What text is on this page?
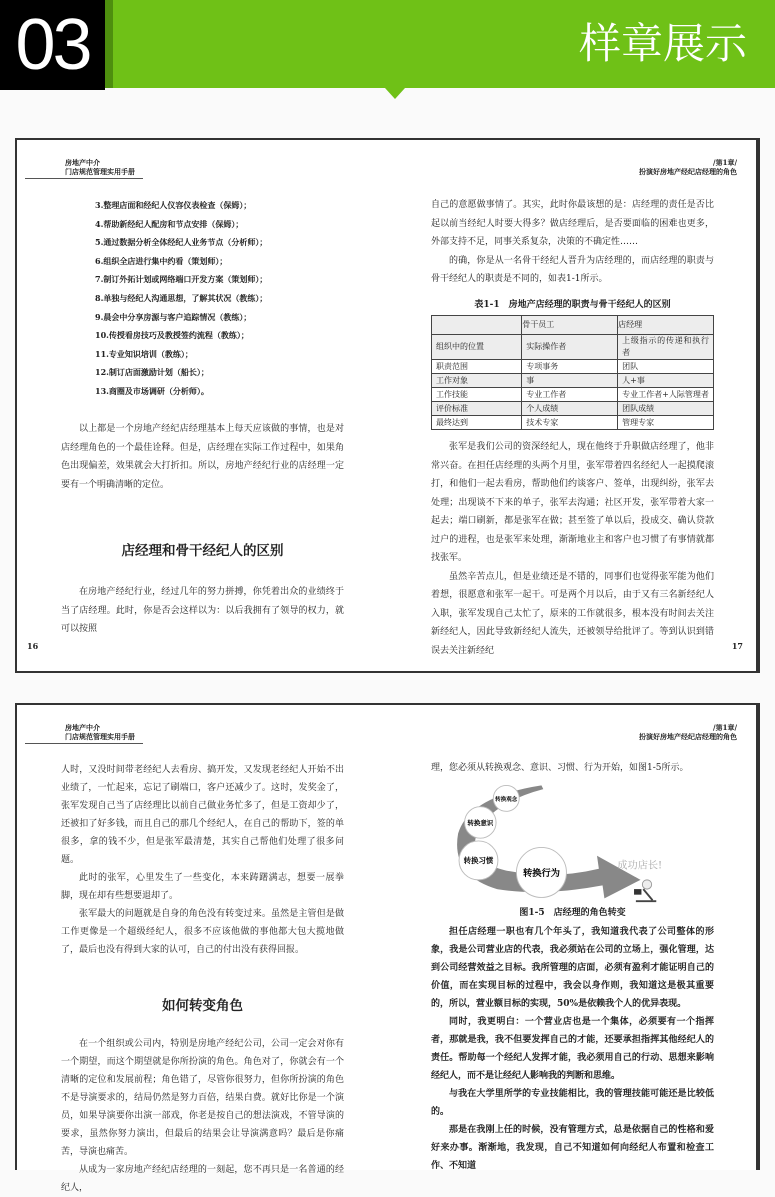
03	样章展示
房地产中介
门店规范管理实用手册
3.整理店面和经纪人仪容仪表检查（保姆）；
4.帮助新经纪人配房和节点安排（保姆）；
5.通过数据分析全体经纪人业务节点（分析师）；
6.组织全店进行集中约看（策划师）；
7.制订外拓计划或网络端口开发方案（策划师）；
8.单独与经纪人沟通思想，了解其状况（教练）；
9.晨会中分享房源与客户追踪情况（教练）；
10.传授看房技巧及教授签约流程（教练）；
11.专业知识培训（教练）；
12.制订店面激励计划（船长）；
13.商圈及市场调研（分析师）。

以上都是一个房地产经纪店经理基本上每天应该做的事情，也是对店经理角色的一个最佳诠释。但是，店经理在实际工作过程中，如果角色出现偏差，效果就会大打折扣。所以，房地产经纪行业的店经理一定要有一个明确清晰的定位。

店经理和骨干经纪人的区别

在房地产经纪行业，经过几年的努力拼搏，你凭着出众的业绩终于当了店经理。此时，你是否会这样以为：以后我拥有了领导的权力，就可以按照

16
/第1章/
扮演好房地产经纪店经理的角色

自己的意愿做事情了。其实，此时你最该想的是：店经理的责任是否比起以前当经纪人时要大得多？做店经理后，是否要面临的困难也更多，外部支持不足，同事关系复杂，决策的不确定性……

的确，你是从一名骨干经纪人晋升为店经理的，而店经理的职责与骨干经纪人的职责是不同的，如表1-1所示。

表1-1　房地产店经理的职责与骨干经纪人的区别
	骨干员工	店经理
组织中的位置	实际操作者	上级指示的传递和执行者
职责范围	专项事务	团队
工作对象	事	人+事
工作技能	专业工作者	专业工作者+人际管理者
评价标准	个人成绩	团队成绩
最终达到	技术专家	管理专家

张军是我们公司的资深经纪人，现在他终于升职做店经理了，他非常兴奋。在担任店经理的头两个月里，张军带着四名经纪人一起摸爬滚打，和他们一起去看房，帮助他们约谈客户、签单，出现纠纷，张军去处理；出现谈不下来的单子，张军去沟通；社区开发，张军带着大家一起去；端口刷新，都是张军在做；甚至签了单以后，投成交、确认贷款过户的进程，也是张军来处理，渐渐地业主和客户也习惯了有事情就都找张军。

虽然辛苦点儿，但是业绩还是不错的，同事们也觉得张军能为他们着想，很愿意和张军一起干。可是两个月以后，由于又有三名新经纪人入职，张军发现自己太忙了，原来的工作就很多，根本没有时间去关注新经纪人，因此导致新经纪人流失，还被领导给批评了。等到认识到错误去关注新经纪	17
房地产中介
门店规范管理实用手册

人时，又没时间带老经纪人去看房、搞开发，又发现老经纪人开始不出业绩了，一忙起来，忘记了刷端口，客户还减少了。这时，发奖金了，张军发现自己当了店经理比以前自己做业务忙多了，但是工资却少了，还被扣了好多钱，而且自己的那几个经纪人，在自己的帮助下，签的单很多，拿的钱不少，但是张军最清楚，其实自己帮他们处理了很多问题。

此时的张军，心里发生了一些变化，本来踌躇满志，想要一展拳脚，现在却有些想要退却了。

张军最大的问题就是自身的角色没有转变过来。虽然是主管但是做工作更像是一个超级经纪人，很多不应该他做的事他都大包大揽地做了，最后也没有得到大家的认可，自己的付出没有获得回报。

如何转变角色

在一个组织或公司内，特别是房地产经纪公司，公司一定会对你有一个期望，而这个期望就是你所扮演的角色。角色对了，你就会有一个清晰的定位和发展前程；角色错了，尽管你很努力，但你所扮演的角色不是导演要求的，结局仍然是努力百倍，结果白费。就好比你是一个演员，如果导演要你出演一部戏，你老是按自己的想法演戏，不管导演的要求，虽然你努力演出，但最后的结果会让导演满意吗？最后是你痛苦，导演也痛苦。

从成为一家房地产经纪店经理的一刻起，您不再只是一名普通的经纪人，

/第1章/
扮演好房地产经纪店经理的角色

理，您必须从转换观念、意识、习惯、行为开始，如图1-5所示。

转换观念
转换意识
转换习惯
转换行为
成功店长!
图1-5　店经理的角色转变

担任店经理一职也有几个年头了，我知道我代表了公司整体的形象，我是公司营业店的代表，我必须站在公司的立场上，强化管理，达到公司经营效益之目标。我所管理的店面，必须有盈利才能证明自己的价值，而在实现目标的过程中，我会以身作则，我知道这是极其重要的，所以，营业额目标的实现，50%是依赖我个人的优异表现。

同时，我更明白：一个营业店也是一个集体，必须要有一个指挥者，那就是我，我不但要发挥自己的才能，还要承担指挥其他经纪人的责任。帮助每一个经纪人发挥才能，我必须用自己的行动、思想来影响经纪人，而不是让经纪人影响我的判断和思维。

与我在大学里所学的专业技能相比，我的管理技能可能还是比较低的。

那是在我刚上任的时候，没有管理方式，总是依据自己的性格和爱好来办事。渐渐地，我发现，自己不知道如何向经纪人布置和检查工作、不知道
